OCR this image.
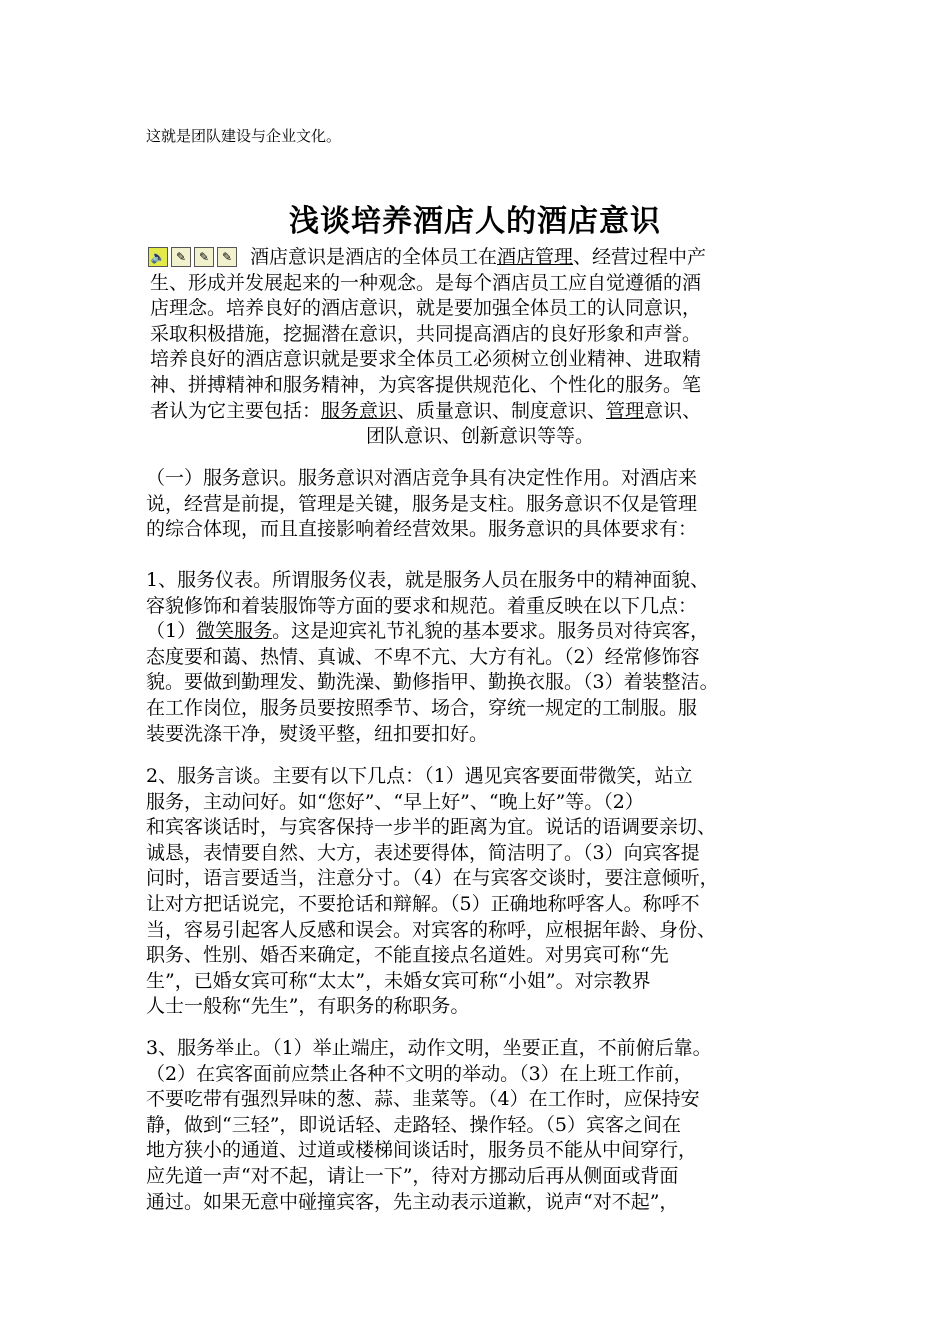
这就是团队建设与企业文化。
浅谈培养酒店人的酒店意识
🔈 ✎	✎	✎ 酒店意识是酒店的全体员工在酒店管理、经营过程中产
生、形成并发展起来的一种观念。是每个酒店员工应自觉遵循的酒
店理念。培养良好的酒店意识，就是要加强全体员工的认同意识，
采取积极措施，挖掘潜在意识，共同提高酒店的良好形象和声誉。
培养良好的酒店意识就是要求全体员工必须树立创业精神、进取精
神、拼搏精神和服务精神，为宾客提供规范化、个性化的服务。笔
者认为它主要包括：服务意识、质量意识、制度意识、管理意识、
团队意识、创新意识等等。
（一）服务意识。服务意识对酒店竞争具有决定性作用。对酒店来
说，经营是前提，管理是关键，服务是支柱。服务意识不仅是管理
的综合体现，而且直接影响着经营效果。服务意识的具体要求有：
1、服务仪表。所谓服务仪表，就是服务人员在服务中的精神面貌、
容貌修饰和着装服饰等方面的要求和规范。着重反映在以下几点：
（1）微笑服务。这是迎宾礼节礼貌的基本要求。服务员对待宾客，
态度要和蔼、热情、真诚、不卑不亢、大方有礼。（2）经常修饰容
貌。要做到勤理发、勤洗澡、勤修指甲、勤换衣服。（3）着装整洁。
在工作岗位，服务员要按照季节、场合，穿统一规定的工制服。服
装要洗涤干净，熨烫平整，纽扣要扣好。
2、服务言谈。主要有以下几点：（1）遇见宾客要面带微笑，站立
服务，主动问好。如“您好”、“早上好”、“晚上好”等。（2）
和宾客谈话时，与宾客保持一步半的距离为宜。说话的语调要亲切、
诚恳，表情要自然、大方，表述要得体，简洁明了。（3）向宾客提
问时，语言要适当，注意分寸。（4）在与宾客交谈时，要注意倾听，
让对方把话说完，不要抢话和辩解。（5）正确地称呼客人。称呼不
当，容易引起客人反感和误会。对宾客的称呼，应根据年龄、身份、
职务、性别、婚否来确定，不能直接点名道姓。对男宾可称“先
生”，已婚女宾可称“太太”，未婚女宾可称“小姐”。对宗教界
人士一般称“先生”，有职务的称职务。
3、服务举止。（1）举止端庄，动作文明，坐要正直，不前俯后靠。
（2）在宾客面前应禁止各种不文明的举动。（3）在上班工作前，
不要吃带有强烈异味的葱、蒜、韭菜等。（4）在工作时，应保持安
静，做到“三轻”，即说话轻、走路轻、操作轻。（5）宾客之间在
地方狭小的通道、过道或楼梯间谈话时，服务员不能从中间穿行，
应先道一声“对不起，请让一下”，待对方挪动后再从侧面或背面
通过。如果无意中碰撞宾客，先主动表示道歉，说声“对不起”，
